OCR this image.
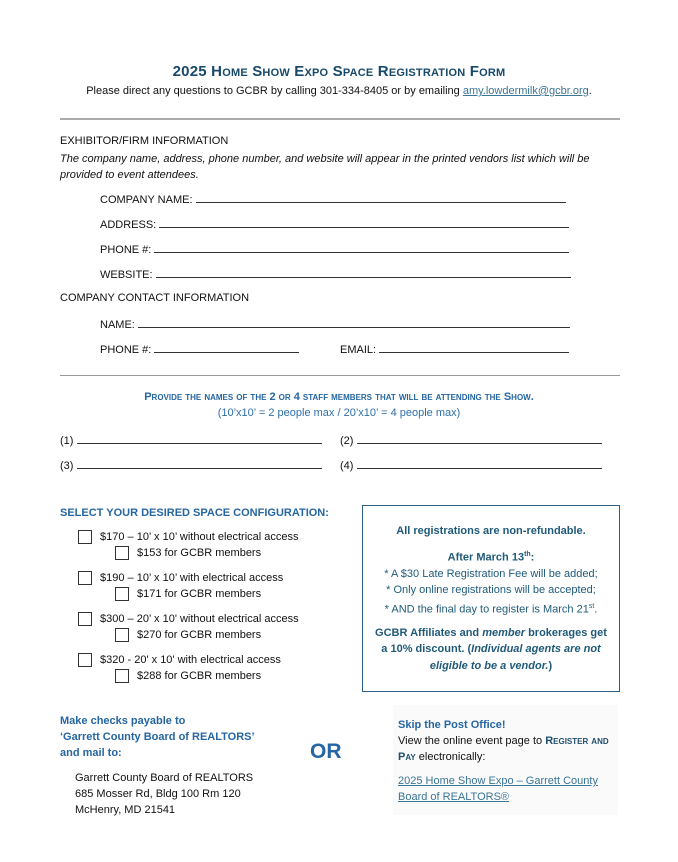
2025 Home Show Expo Space Registration Form
Please direct any questions to GCBR by calling 301-334-8405 or by emailing amy.lowdermilk@gcbr.org.
EXHIBITOR/FIRM INFORMATION
The company name, address, phone number, and website will appear in the printed vendors list which will be provided to event attendees.
COMPANY NAME:
ADDRESS:
PHONE #:
WEBSITE:
COMPANY CONTACT INFORMATION
NAME:
PHONE #:	EMAIL:
Provide the names of the 2 or 4 staff members that will be attending the Show.
(10’x10’ = 2 people max / 20’x10’ = 4 people max)
(1)	(2)
(3)	(4)
SELECT YOUR DESIRED SPACE CONFIGURATION:
$170 – 10’ x 10’ without electrical access
$153 for GCBR members
$190 – 10’ x 10’ with electrical access
$171 for GCBR members
$300 – 20’ x 10' without electrical access
$270 for GCBR members
$320 - 20' x 10' with electrical access
$288 for GCBR members

All registrations are non-refundable.

After March 13th:

* A $30 Late Registration Fee will be added;

* Only online registrations will be accepted;

* AND the final day to register is March 21st.

GCBR Affiliates and member brokerages get a 10% discount. (Individual agents are not eligible to be a vendor.)

Make checks payable to
‘Garrett County Board of REALTORS’
and mail to:
Garrett County Board of REALTORS
685 Mosser Rd, Bldg 100 Rm 120
McHenry, MD 21541
OR
Skip the Post Office!
View the online event page to Register and Pay electronically:
2025 Home Show Expo – Garrett County Board of REALTORS®
